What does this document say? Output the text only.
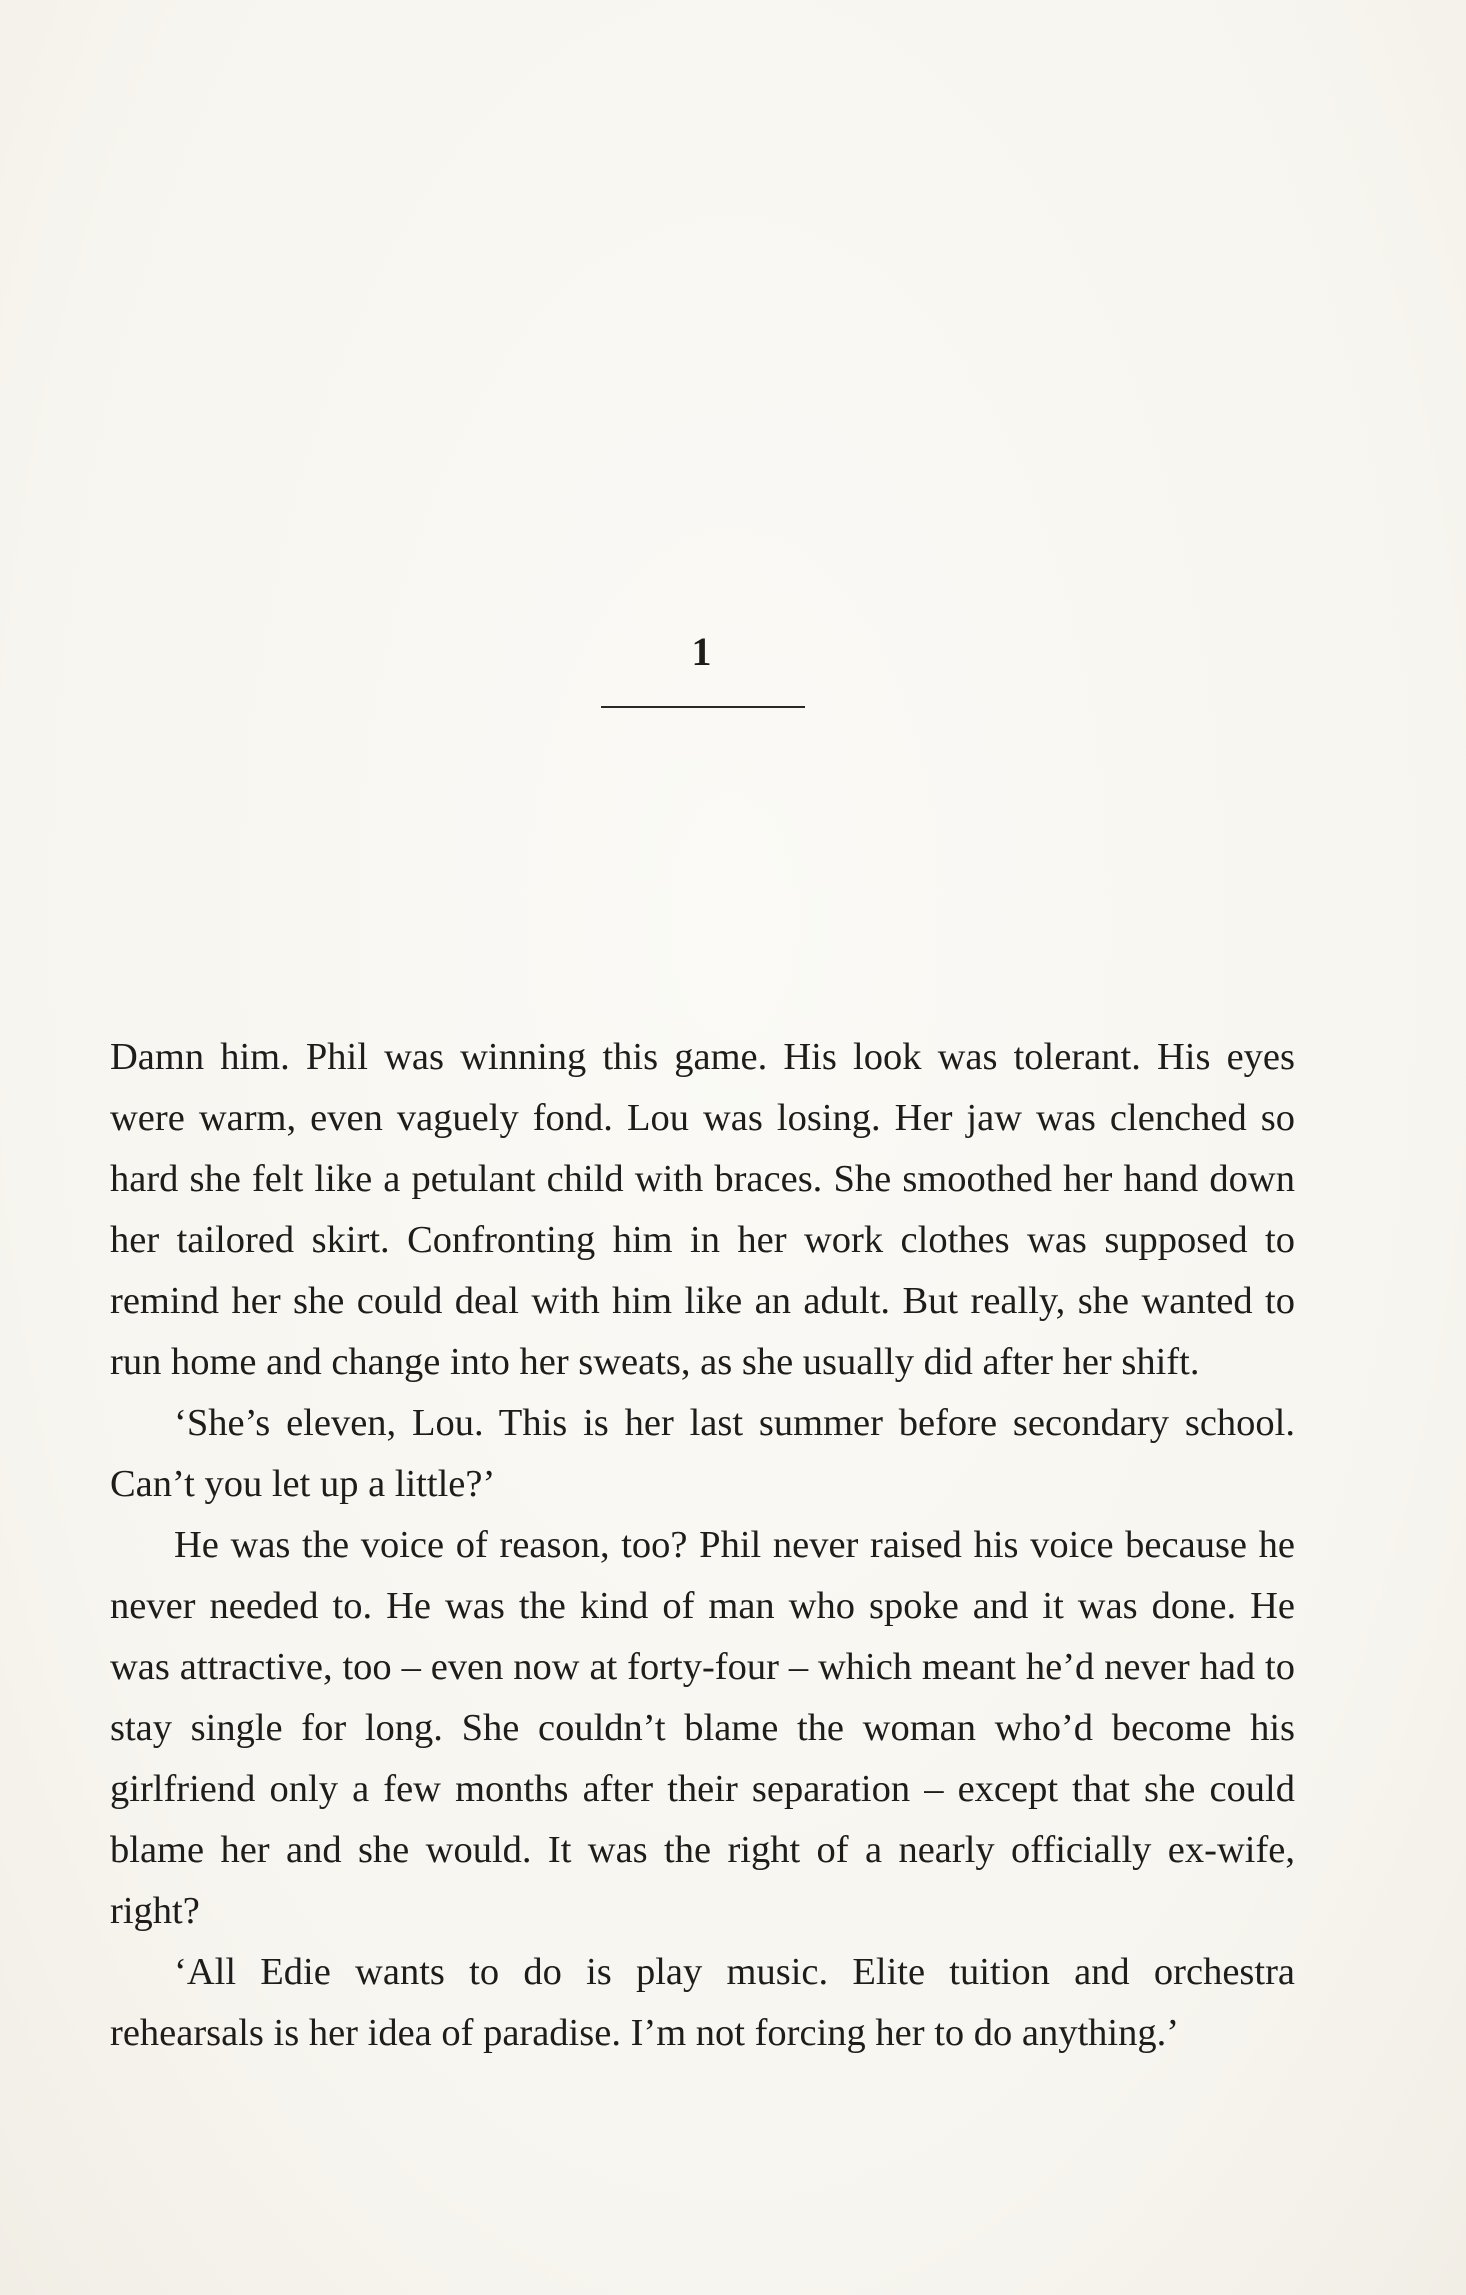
1

Damn him. Phil was winning this game. His look was tolerant. His eyes were warm, even vaguely fond. Lou was losing. Her jaw was clenched so hard she felt like a petulant child with braces. She smoothed her hand down her tailored skirt. Confronting him in her work clothes was supposed to remind her she could deal with him like an adult. But really, she wanted to run home and change into her sweats, as she usually did after her shift.

‘She’s eleven, Lou. This is her last summer before secondary school. Can’t you let up a little?’

He was the voice of reason, too? Phil never raised his voice because he never needed to. He was the kind of man who spoke and it was done. He was attractive, too – even now at forty-four – which meant he’d never had to stay single for long. She couldn’t blame the woman who’d become his girlfriend only a few months after their separation – except that she could blame her and she would. It was the right of a nearly officially ex-wife, right?

‘All Edie wants to do is play music. Elite tuition and orchestra rehearsals is her idea of paradise. I’m not forcing her to do anything.’
